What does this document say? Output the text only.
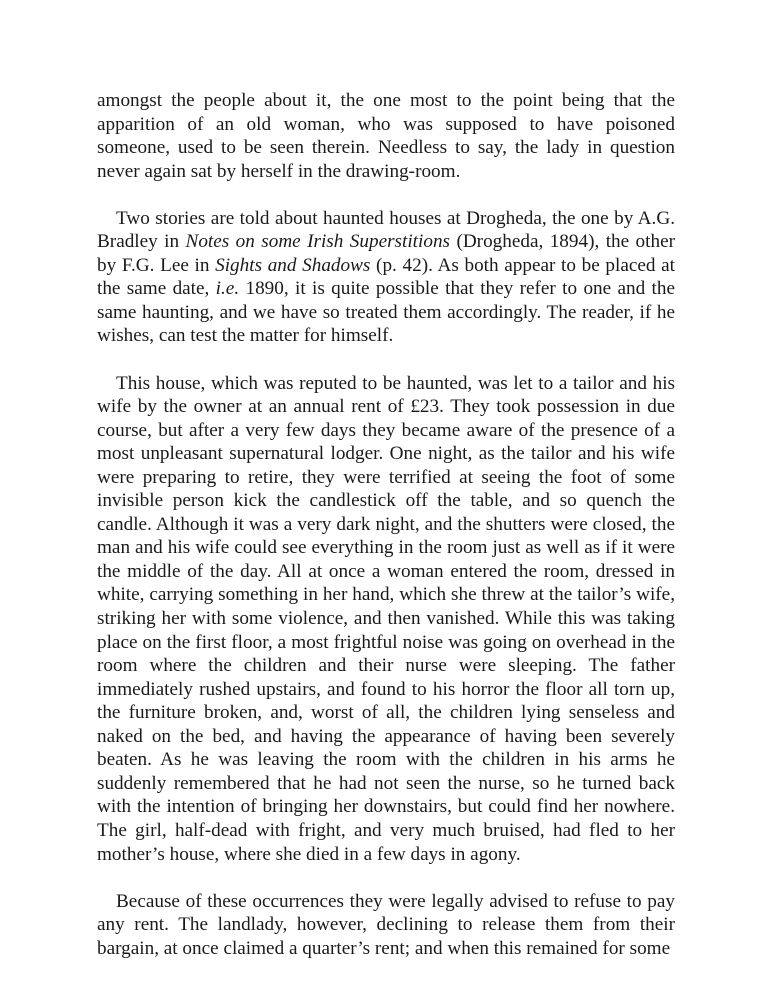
amongst the people about it, the one most to the point being that the apparition of an old woman, who was supposed to have poisoned someone, used to be seen therein. Needless to say, the lady in question never again sat by herself in the drawing-room.

Two stories are told about haunted houses at Drogheda, the one by A.G. Bradley in Notes on some Irish Superstitions (Drogheda, 1894), the other by F.G. Lee in Sights and Shadows (p. 42). As both appear to be placed at the same date, i.e. 1890, it is quite possible that they refer to one and the same haunting, and we have so treated them accordingly. The reader, if he wishes, can test the matter for himself.

This house, which was reputed to be haunted, was let to a tailor and his wife by the owner at an annual rent of £23. They took possession in due course, but after a very few days they became aware of the presence of a most unpleasant supernatural lodger. One night, as the tailor and his wife were preparing to retire, they were terrified at seeing the foot of some invisible person kick the candlestick off the table, and so quench the candle. Although it was a very dark night, and the shutters were closed, the man and his wife could see everything in the room just as well as if it were the middle of the day. All at once a woman entered the room, dressed in white, carrying something in her hand, which she threw at the tailor’s wife, striking her with some violence, and then vanished. While this was taking place on the first floor, a most frightful noise was going on overhead in the room where the children and their nurse were sleeping. The father immediately rushed upstairs, and found to his horror the floor all torn up, the furniture broken, and, worst of all, the children lying senseless and naked on the bed, and having the appearance of having been severely beaten. As he was leaving the room with the children in his arms he suddenly remembered that he had not seen the nurse, so he turned back with the intention of bringing her downstairs, but could find her nowhere. The girl, half-dead with fright, and very much bruised, had fled to her mother’s house, where she died in a few days in agony.

Because of these occurrences they were legally advised to refuse to pay any rent. The landlady, however, declining to release them from their bargain, at once claimed a quarter’s rent; and when this remained for some
